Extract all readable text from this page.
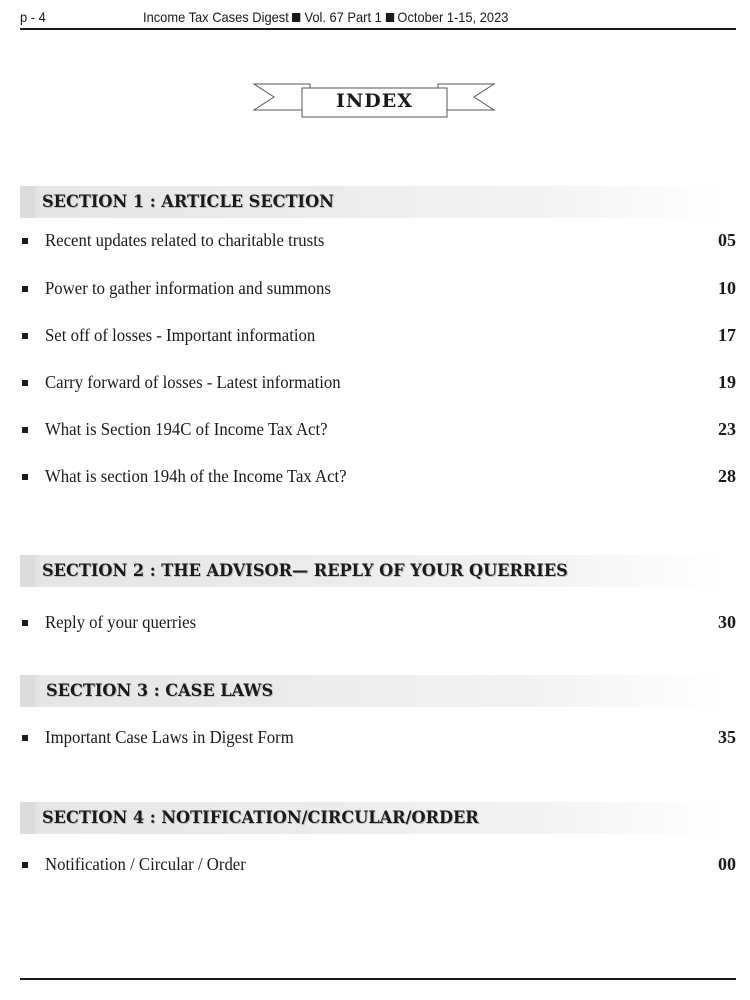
p - 4	Income Tax Cases Digest Vol. 67 Part 1 October 1-15, 2023
INDEX
SECTION 1 : ARTICLE SECTION
Recent updates related to charitable trusts	05
Power to gather information and summons	10
Set off of losses - Important information	17
Carry forward of losses - Latest information	19
What is Section 194C of Income Tax Act?	23
What is section 194h of the Income Tax Act?	28
SECTION 2 : THE ADVISOR— REPLY OF YOUR QUERRIES
Reply of your querries	30
SECTION 3 : CASE LAWS
Important Case Laws in Digest Form	35
SECTION 4 : NOTIFICATION/CIRCULAR/ORDER
Notification / Circular / Order	00
